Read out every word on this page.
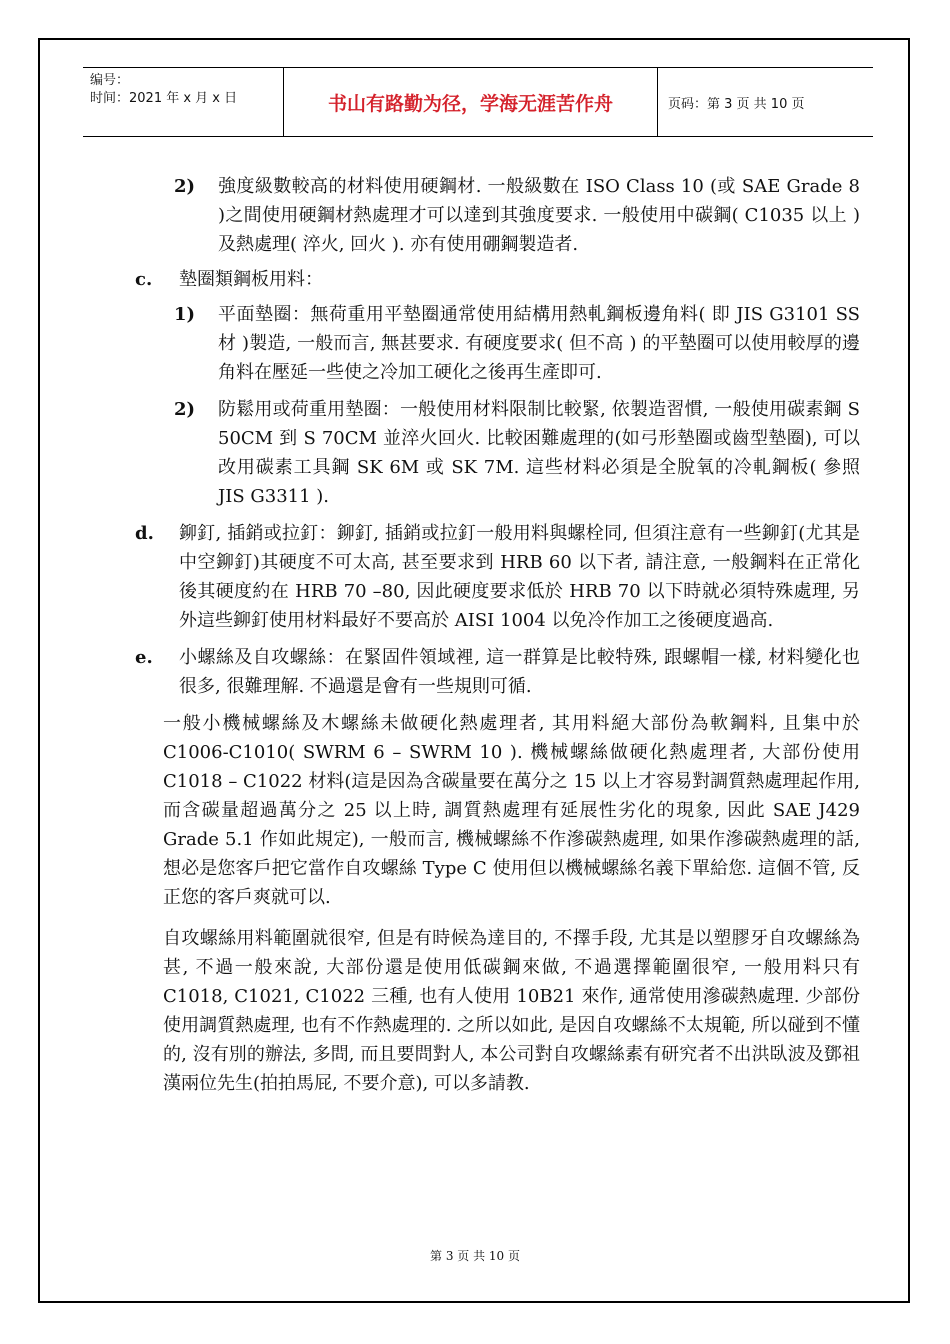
编号：
时间：2021 年 x 月 x 日	书山有路勤为径，学海无涯苦作舟	页码：第 3 页 共 10 页
2)	強度級數較高的材料使用硬鋼材. 一般級數在 ISO Class 10 (或 SAE Grade 8 )之間使用硬鋼材熱處理才可以達到其強度要求. 一般使用中碳鋼( C1035 以上 )及熱處理( 淬火, 回火 ). 亦有使用硼鋼製造者.
c.	墊圈類鋼板用料：
1)	平面墊圈：無荷重用平墊圈通常使用結構用熱軋鋼板邊角料( 即 JIS G3101 SS 材 )製造, 一般而言, 無甚要求. 有硬度要求( 但不高 ) 的平墊圈可以使用較厚的邊角料在壓延一些使之冷加工硬化之後再生產即可.
2)	防鬆用或荷重用墊圈：一般使用材料限制比較緊, 依製造習慣, 一般使用碳素鋼 S 50CM 到 S 70CM 並淬火回火. 比較困難處理的(如弓形墊圈或齒型墊圈), 可以改用碳素工具鋼 SK 6M 或 SK 7M. 這些材料必須是全脫氧的冷軋鋼板( 參照 JIS G3311 ).
d.	鉚釘, 插銷或拉釘：鉚釘, 插銷或拉釘一般用料與螺栓同, 但須注意有一些鉚釘(尤其是中空鉚釘)其硬度不可太高, 甚至要求到 HRB 60 以下者, 請注意, 一般鋼料在正常化後其硬度約在 HRB 70 –80, 因此硬度要求低於 HRB 70 以下時就必須特殊處理, 另外這些鉚釘使用材料最好不要高於 AISI 1004 以免冷作加工之後硬度過高.
e.	小螺絲及自攻螺絲：在緊固件領域裡, 這一群算是比較特殊, 跟螺帽一樣, 材料變化也很多, 很難理解. 不過還是會有一些規則可循.
一般小機械螺絲及木螺絲未做硬化熱處理者, 其用料絕大部份為軟鋼料, 且集中於 C1006-C1010( SWRM 6 – SWRM 10 ). 機械螺絲做硬化熱處理者, 大部份使用 C1018 – C1022 材料(這是因為含碳量要在萬分之 15 以上才容易對調質熱處理起作用, 而含碳量超過萬分之 25 以上時, 調質熱處理有延展性劣化的現象, 因此 SAE J429 Grade 5.1 作如此規定), 一般而言, 機械螺絲不作滲碳熱處理, 如果作滲碳熱處理的話, 想必是您客戶把它當作自攻螺絲 Type C 使用但以機械螺絲名義下單給您. 這個不管, 反正您的客戶爽就可以.
自攻螺絲用料範圍就很窄, 但是有時候為達目的, 不擇手段, 尤其是以塑膠牙自攻螺絲為甚, 不過一般來說, 大部份還是使用低碳鋼來做, 不過選擇範圍很窄, 一般用料只有 C1018, C1021, C1022 三種, 也有人使用 10B21 來作, 通常使用滲碳熱處理. 少部份使用調質熱處理, 也有不作熱處理的. 之所以如此, 是因自攻螺絲不太規範, 所以碰到不懂的, 沒有別的辦法, 多問, 而且要問對人, 本公司對自攻螺絲素有研究者不出洪臥波及鄧祖漢兩位先生(拍拍馬屁, 不要介意), 可以多請教.
第 3 页 共 10 页
